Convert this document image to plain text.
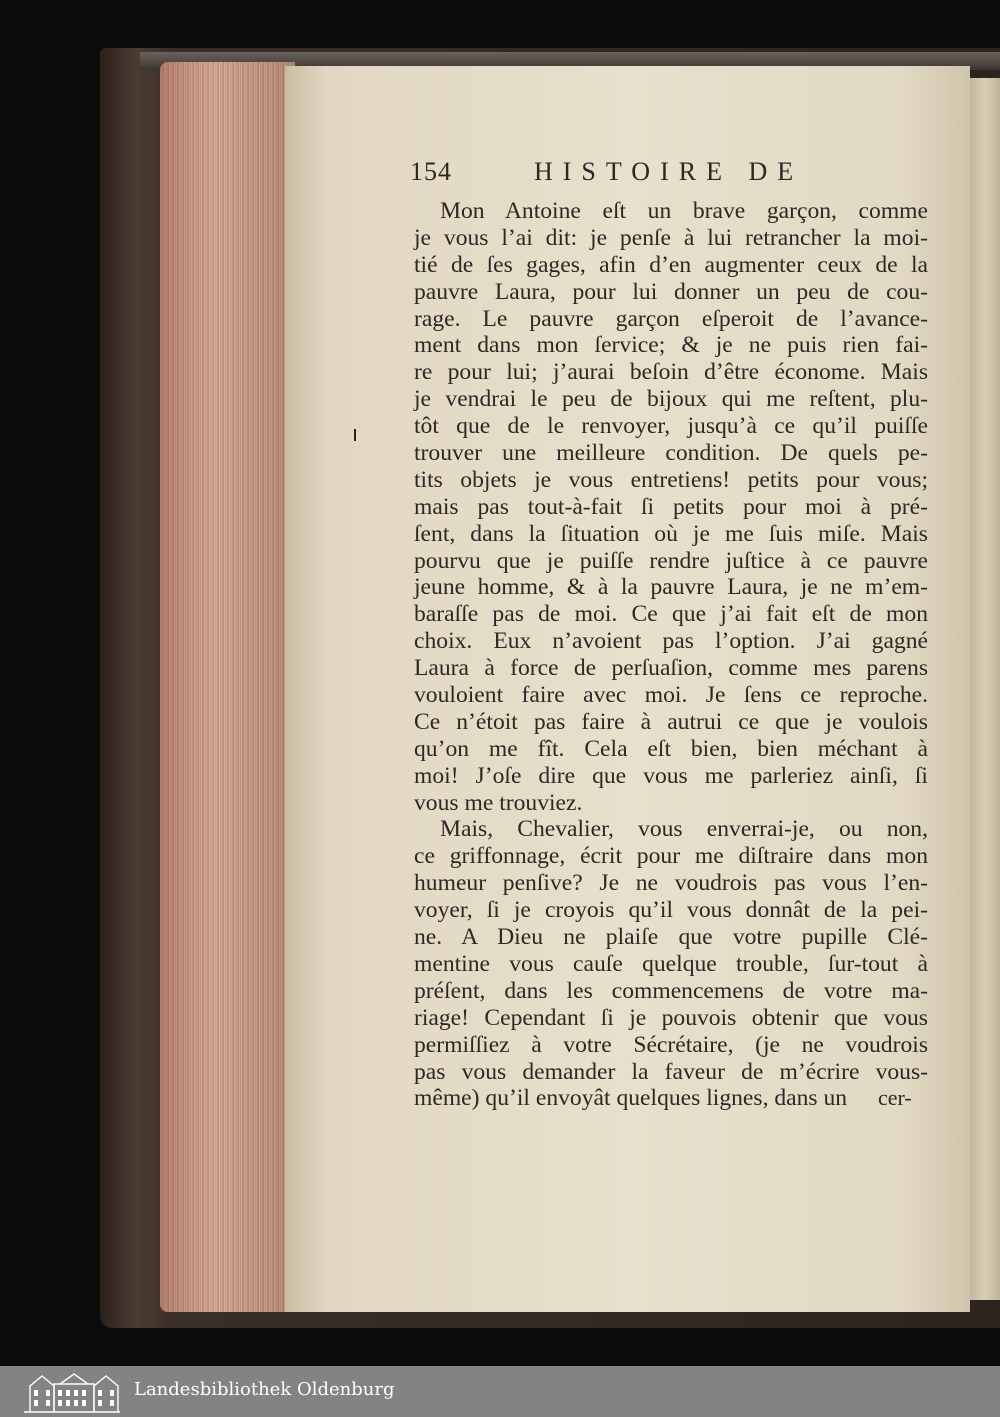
154	HISTOIRE DE
Mon Antoine eſt un brave garçon, comme
je vous l’ai dit: je penſe à lui retrancher la moi-
tié de ſes gages, afin d’en augmenter ceux de la
pauvre Laura, pour lui donner un peu de cou-
rage. Le pauvre garçon eſperoit de l’avance-
ment dans mon ſervice; & je ne puis rien fai-
re pour lui; j’aurai beſoin d’être économe. Mais
je vendrai le peu de bijoux qui me reſtent, plu-
tôt que de le renvoyer, jusqu’à ce qu’il puiſſe
trouver une meilleure condition. De quels pe-
tits objets je vous entretiens! petits pour vous;
mais pas tout-à-fait ſi petits pour moi à pré-
ſent, dans la ſituation où je me ſuis miſe. Mais
pourvu que je puiſſe rendre juſtice à ce pauvre
jeune homme, & à la pauvre Laura, je ne m’em-
baraſſe pas de moi. Ce que j’ai fait eſt de mon
choix. Eux n’avoient pas l’option. J’ai gagné
Laura à force de perſuaſion, comme mes parens
vouloient faire avec moi. Je ſens ce reproche.
Ce n’étoit pas faire à autrui ce que je voulois
qu’on me fît. Cela eſt bien, bien méchant à
moi! J’oſe dire que vous me parleriez ainſi, ſi
vous me trouviez.
Mais, Chevalier, vous enverrai-je, ou non,
ce griffonnage, écrit pour me diſtraire dans mon
humeur penſive? Je ne voudrois pas vous l’en-
voyer, ſi je croyois qu’il vous donnât de la pei-
ne. A Dieu ne plaiſe que votre pupille Clé-
mentine vous cauſe quelque trouble, ſur-tout à
préſent, dans les commencemens de votre ma-
riage! Cependant ſi je pouvois obtenir que vous
permiſſiez à votre Sécrétaire, (je ne voudrois
pas vous demander la faveur de m’écrire vous-
même) qu’il envoyât quelques lignes, dans un	cer-
Landesbibliothek Oldenburg
